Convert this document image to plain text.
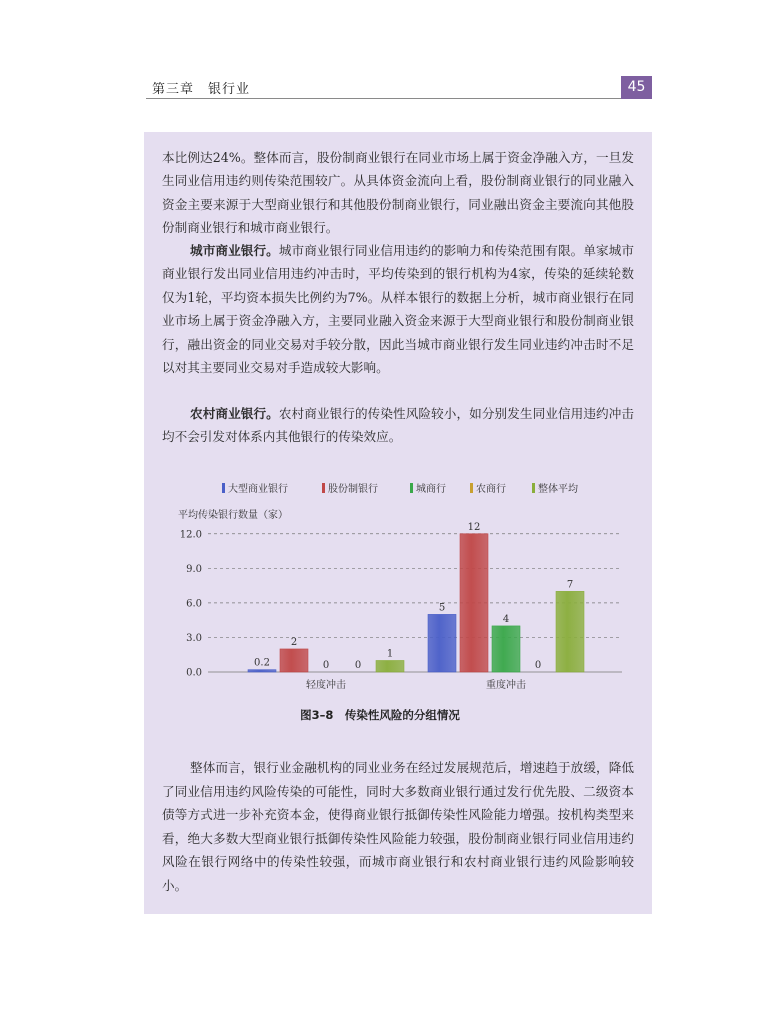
第三章　银行业	45

本比例达24%。整体而言，股份制商业银行在同业市场上属于资金净融入方，一旦发生同业信用违约则传染范围较广。从具体资金流向上看，股份制商业银行的同业融入资金主要来源于大型商业银行和其他股份制商业银行，同业融出资金主要流向其他股份制商业银行和城市商业银行。

城市商业银行。城市商业银行同业信用违约的影响力和传染范围有限。单家城市商业银行发出同业信用违约冲击时，平均传染到的银行机构为4家，传染的延续轮数仅为1轮，平均资本损失比例约为7%。从样本银行的数据上分析，城市商业银行在同业市场上属于资金净融入方，主要同业融入资金来源于大型商业银行和股份制商业银行，融出资金的同业交易对手较分散，因此当城市商业银行发生同业违约冲击时不足以对其主要同业交易对手造成较大影响。

农村商业银行。农村商业银行的传染性风险较小，如分别发生同业信用违约冲击均不会引发对体系内其他银行的传染效应。

大型商业银行	股份制银行	城商行	农商行	整体平均
平均传染银行数量（家）
0.0
3.0
6.0
9.0
12.0
0.2
2
0	0
1
轻度冲击
5
12
4
0
7
重度冲击
图3–8　传染性风险的分组情况

整体而言，银行业金融机构的同业业务在经过发展规范后，增速趋于放缓，降低了同业信用违约风险传染的可能性，同时大多数商业银行通过发行优先股、二级资本债等方式进一步补充资本金，使得商业银行抵御传染性风险能力增强。按机构类型来看，绝大多数大型商业银行抵御传染性风险能力较强，股份制商业银行同业信用违约风险在银行网络中的传染性较强，而城市商业银行和农村商业银行违约风险影响较小。
